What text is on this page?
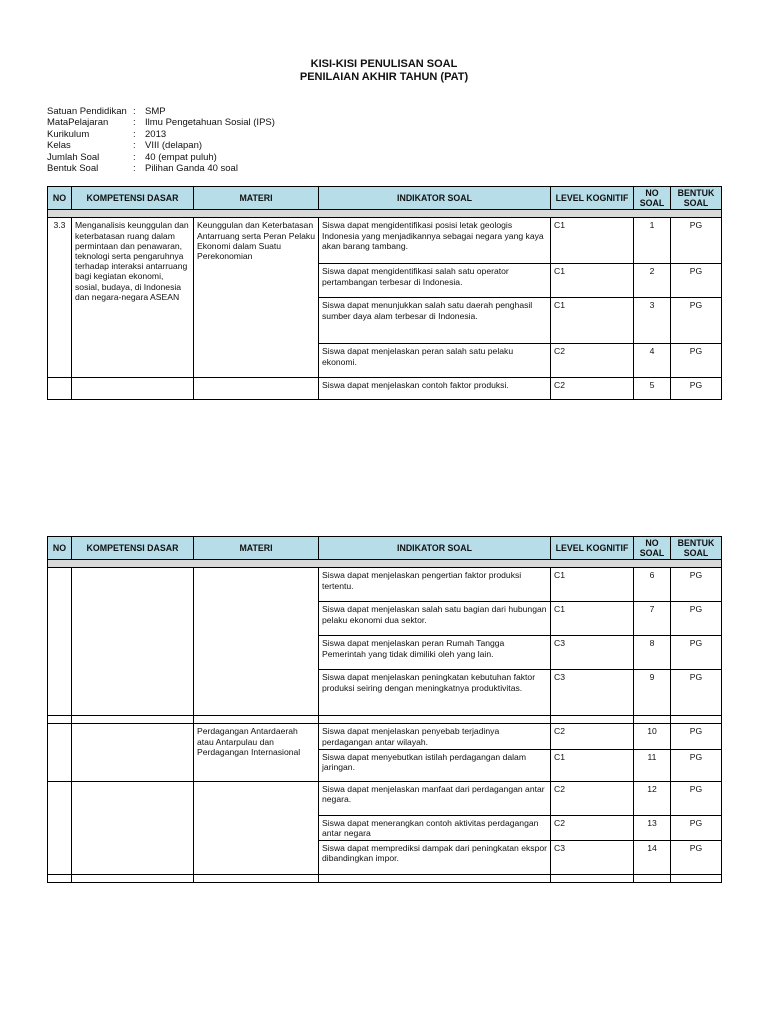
KISI-KISI PENULISAN SOAL
PENILAIAN AKHIR TAHUN (PAT)
Satuan Pendidikan : SMP
MataPelajaran	: Ilmu Pengetahuan Sosial (IPS)
Kurikulum	: 2013
Kelas	: VIII (delapan)
Jumlah Soal	: 40 (empat puluh)
Bentuk Soal	: Pilihan Ganda 40 soal
NO	KOMPETENSI DASAR	MATERI	INDIKATOR SOAL	LEVEL KOGNITIF	NO SOAL	BENTUK SOAL

3.3	Menganalisis keunggulan dan keterbatasan ruang dalam permintaan dan penawaran, teknologi serta pengaruhnya terhadap interaksi antarruang bagi kegiatan ekonomi, sosial, budaya, di Indonesia dan negara-negara ASEAN	Keunggulan dan Keterbatasan Antarruang serta Peran Pelaku Ekonomi dalam Suatu Perekonomian	Siswa dapat mengidentifikasi posisi letak geologis Indonesia yang menjadikannya sebagai negara yang kaya akan barang tambang.	C1	1	PG
			Siswa dapat mengidentifikasi salah satu operator pertambangan terbesar di Indonesia.	C1	2	PG
			Siswa dapat menunjukkan salah satu daerah penghasil sumber daya alam terbesar di Indonesia.	C1	3	PG
			Siswa dapat menjelaskan peran salah satu pelaku ekonomi.	C2	4	PG
			Siswa dapat menjelaskan contoh faktor produksi.	C2	5	PG
NO	KOMPETENSI DASAR	MATERI	INDIKATOR SOAL	LEVEL KOGNITIF	NO SOAL	BENTUK SOAL

			Siswa dapat menjelaskan pengertian faktor produksi tertentu.	C1	6	PG
			Siswa dapat menjelaskan salah satu bagian dari hubungan pelaku ekonomi dua sektor.	C1	7	PG
			Siswa dapat menjelaskan peran Rumah Tangga Pemerintah yang tidak dimiliki oleh yang lain.	C3	8	PG
			Siswa dapat menjelaskan peningkatan kebutuhan faktor produksi seiring dengan meningkatnya produktivitas.	C3	9	PG

		Perdagangan Antardaerah atau Antarpulau dan Perdagangan Internasional	Siswa dapat menjelaskan penyebab terjadinya perdagangan antar wilayah.	C2	10	PG
			Siswa dapat menyebutkan istilah perdagangan dalam jaringan.	C1	11	PG
			Siswa dapat menjelaskan manfaat dari perdagangan antar negara.	C2	12	PG
			Siswa dapat menerangkan contoh aktivitas perdagangan antar negara	C2	13	PG
			Siswa dapat memprediksi dampak dari peningkatan ekspor dibandingkan impor.	C3	14	PG
